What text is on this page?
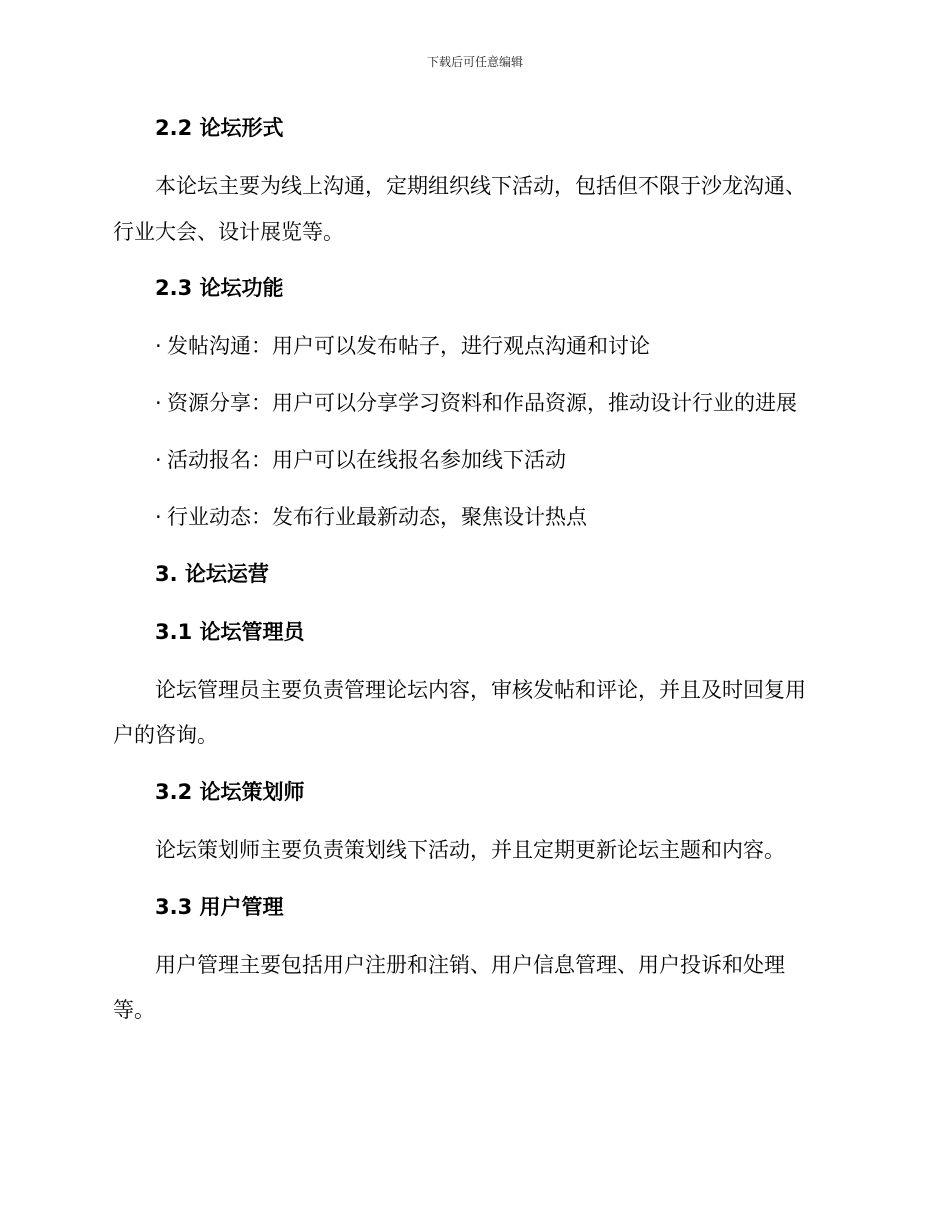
下载后可任意编辑
2.2 论坛形式
本论坛主要为线上沟通，定期组织线下活动，包括但不限于沙龙沟通、
行业大会、设计展览等。
2.3 论坛功能
· 发帖沟通：用户可以发布帖子，进行观点沟通和讨论
· 资源分享：用户可以分享学习资料和作品资源，推动设计行业的进展
· 活动报名：用户可以在线报名参加线下活动
· 行业动态：发布行业最新动态，聚焦设计热点
3. 论坛运营
3.1 论坛管理员
论坛管理员主要负责管理论坛内容，审核发帖和评论，并且及时回复用
户的咨询。
3.2 论坛策划师
论坛策划师主要负责策划线下活动，并且定期更新论坛主题和内容。
3.3 用户管理
用户管理主要包括用户注册和注销、用户信息管理、用户投诉和处理
等。
